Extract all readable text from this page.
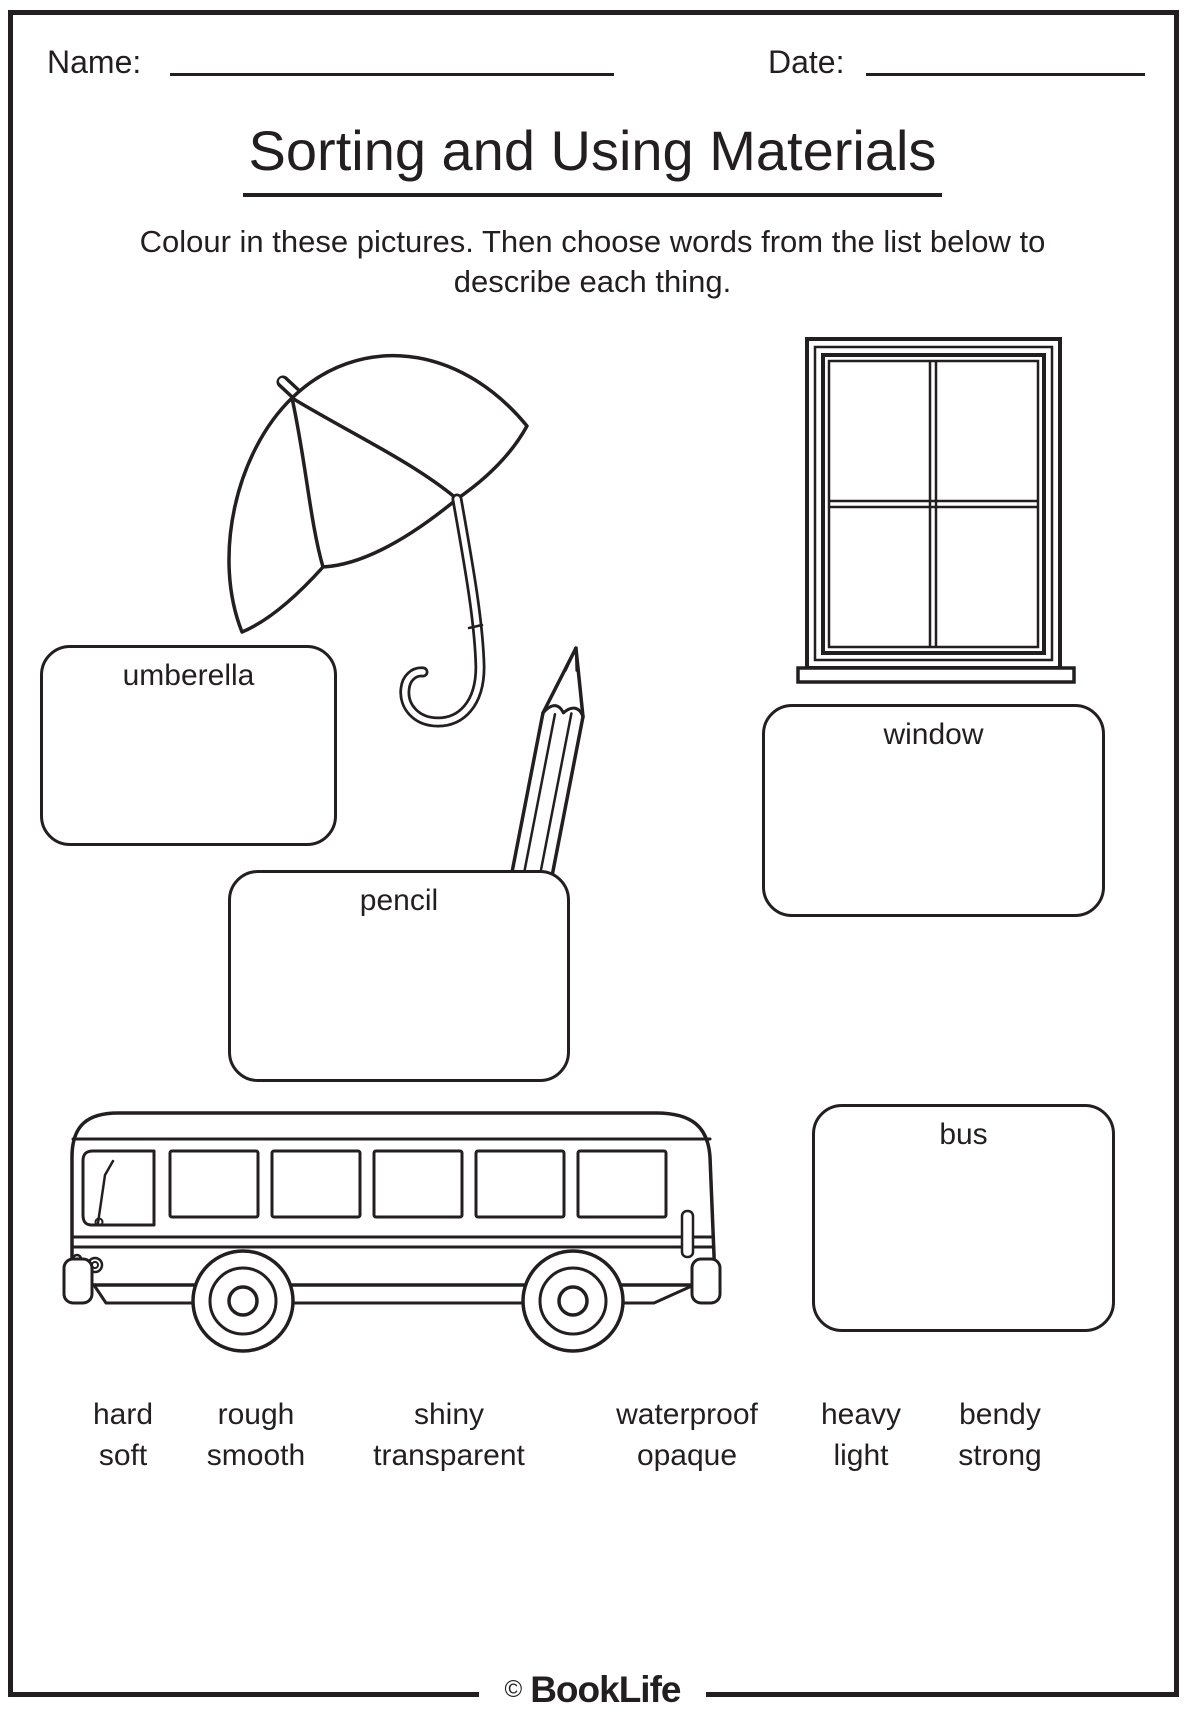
Name:	Date:
Sorting and Using Materials
Colour in these pictures. Then choose words from the list below to
describe each thing.
umberella
window
pencil
bus
hard
soft
rough
smooth
shiny
transparent
waterproof
opaque
heavy
light
bendy
strong
© BookLife
